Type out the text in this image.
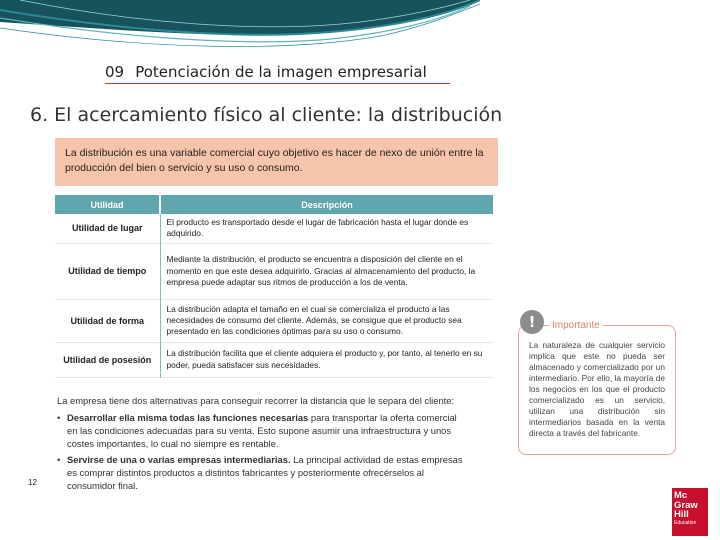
09 Potenciación de la imagen empresarial
6. El acercamiento físico al cliente: la distribución
La distribución es una variable comercial cuyo objetivo es hacer de nexo de unión entre la producción del bien o servicio y su uso o consumo.
Utilidad	Descripción
Utilidad de lugar	El producto es transportado desde el lugar de fabricación hasta el lugar donde es adquirido.
Utilidad de tiempo	Mediante la distribución, el producto se encuentra a disposición del cliente en el momento en que este desea adquirirlo. Gracias al almacenamiento del producto, la empresa puede adaptar sus ritmos de producción a los de venta.
Utilidad de forma	La distribución adapta el tamaño en el cual se comercializa el producto a las necesidades de consumo del cliente. Además, se consigue que el producto sea presentado en las condiciones óptimas para su uso o consumo.
Utilidad de posesión	La distribución facilita que el cliente adquiera el producto y, por tanto, al tenerlo en su poder, pueda satisfacer sus necesidades.

La empresa tiene dos alternativas para conseguir recorrer la distancia que le separa del cliente:

• Desarrollar ella misma todas las funciones necesarias para transportar la oferta comercial en las condiciones adecuadas para su venta. Esto supone asumir una infraestructura y unos costes importantes, lo cual no siempre es rentable.
• Servirse de una o varias empresas intermediarias. La principal actividad de estas empresas es comprar distintos productos a distintos fabricantes y posteriormente ofrecérselos al consumidor final.
La naturaleza de cualquier servicio implica que este no pueda ser almacenado y comercializado por un intermediario. Por ello, la mayoría de los negocios en los que el producto comercializado es un servicio, utilizan una distribución sin intermediarios basada en la venta directa a través del fabricante.
!	Importante
12
Mc
Graw
Hill
Education
